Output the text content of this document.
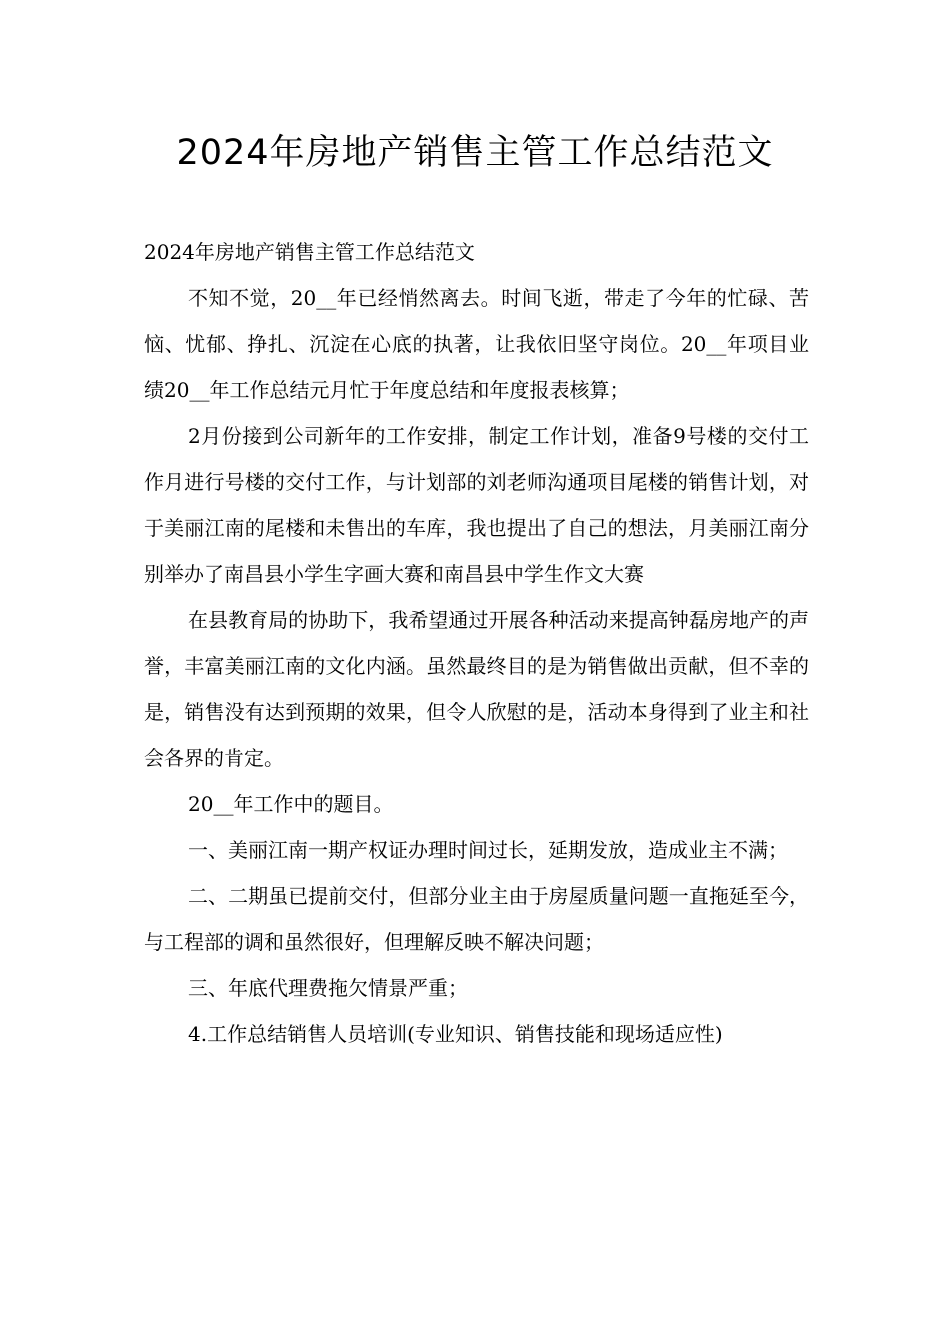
2024年房地产销售主管工作总结范文

2024年房地产销售主管工作总结范文

不知不觉，20__年已经悄然离去。时间飞逝，带走了今年的忙碌、苦恼、忧郁、挣扎、沉淀在心底的执著，让我依旧坚守岗位。20__年项目业绩20__年工作总结元月忙于年度总结和年度报表核算；

2月份接到公司新年的工作安排，制定工作计划，准备9号楼的交付工作月进行号楼的交付工作，与计划部的刘老师沟通项目尾楼的销售计划，对于美丽江南的尾楼和未售出的车库，我也提出了自己的想法，月美丽江南分别举办了南昌县小学生字画大赛和南昌县中学生作文大赛

在县教育局的协助下，我希望通过开展各种活动来提高钟磊房地产的声誉，丰富美丽江南的文化内涵。虽然最终目的是为销售做出贡献，但不幸的是，销售没有达到预期的效果，但令人欣慰的是，活动本身得到了业主和社会各界的肯定。

20__年工作中的题目。

一、美丽江南一期产权证办理时间过长，延期发放，造成业主不满；

二、二期虽已提前交付，但部分业主由于房屋质量问题一直拖延至今，与工程部的调和虽然很好，但理解反映不解决问题；

三、年底代理费拖欠情景严重；

4.工作总结销售人员培训(专业知识、销售技能和现场适应性)
